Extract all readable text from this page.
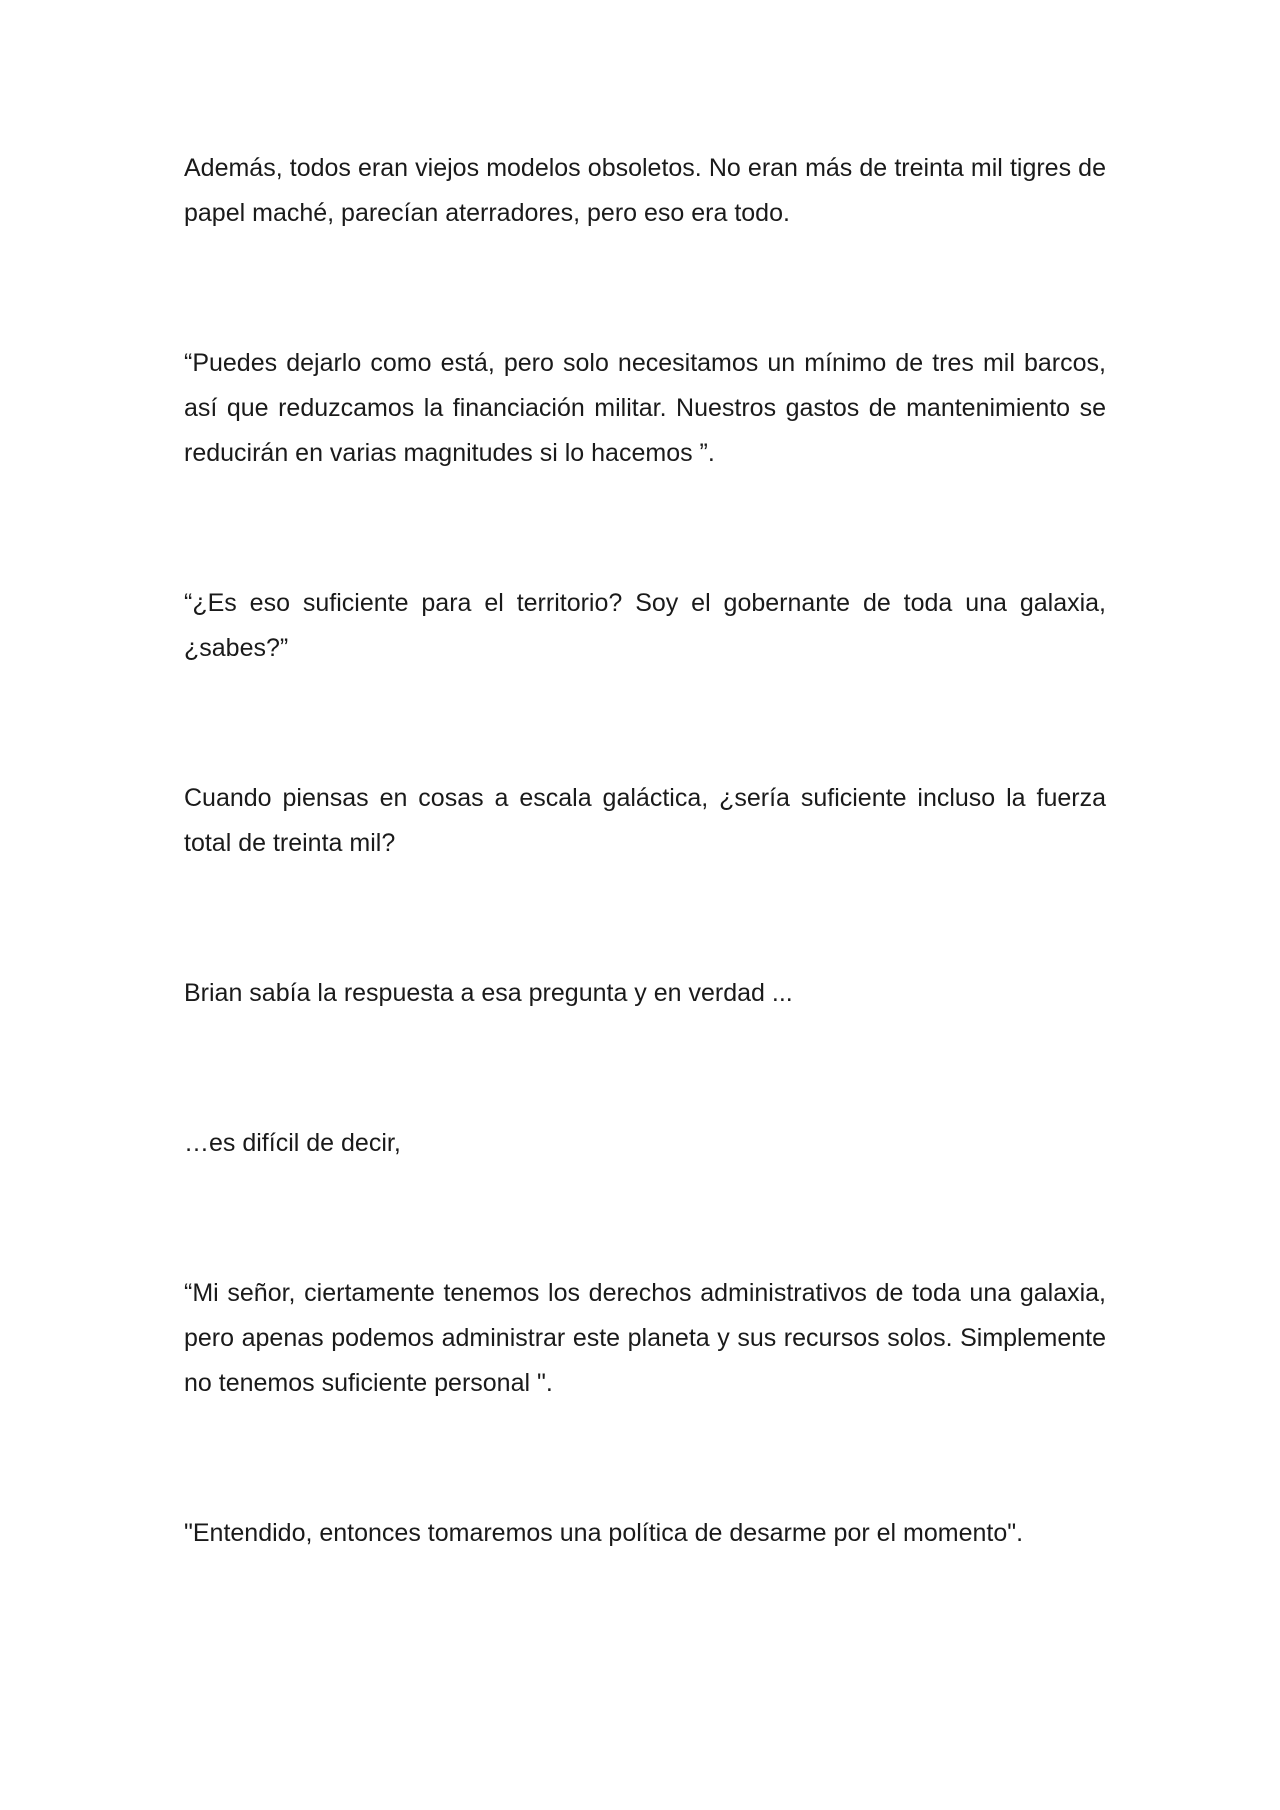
Además, todos eran viejos modelos obsoletos. No eran más de treinta mil tigres de papel maché, parecían aterradores, pero eso era todo.

“Puedes dejarlo como está, pero solo necesitamos un mínimo de tres mil barcos, así que reduzcamos la financiación militar. Nuestros gastos de mantenimiento se reducirán en varias magnitudes si lo hacemos ”.

“¿Es eso suficiente para el territorio? Soy el gobernante de toda una galaxia, ¿sabes?”

Cuando piensas en cosas a escala galáctica, ¿sería suficiente incluso la fuerza total de treinta mil?

Brian sabía la respuesta a esa pregunta y en verdad ...

…es difícil de decir,

“Mi señor, ciertamente tenemos los derechos administrativos de toda una galaxia, pero apenas podemos administrar este planeta y sus recursos solos. Simplemente no tenemos suficiente personal ".

"Entendido, entonces tomaremos una política de desarme por el momento".
